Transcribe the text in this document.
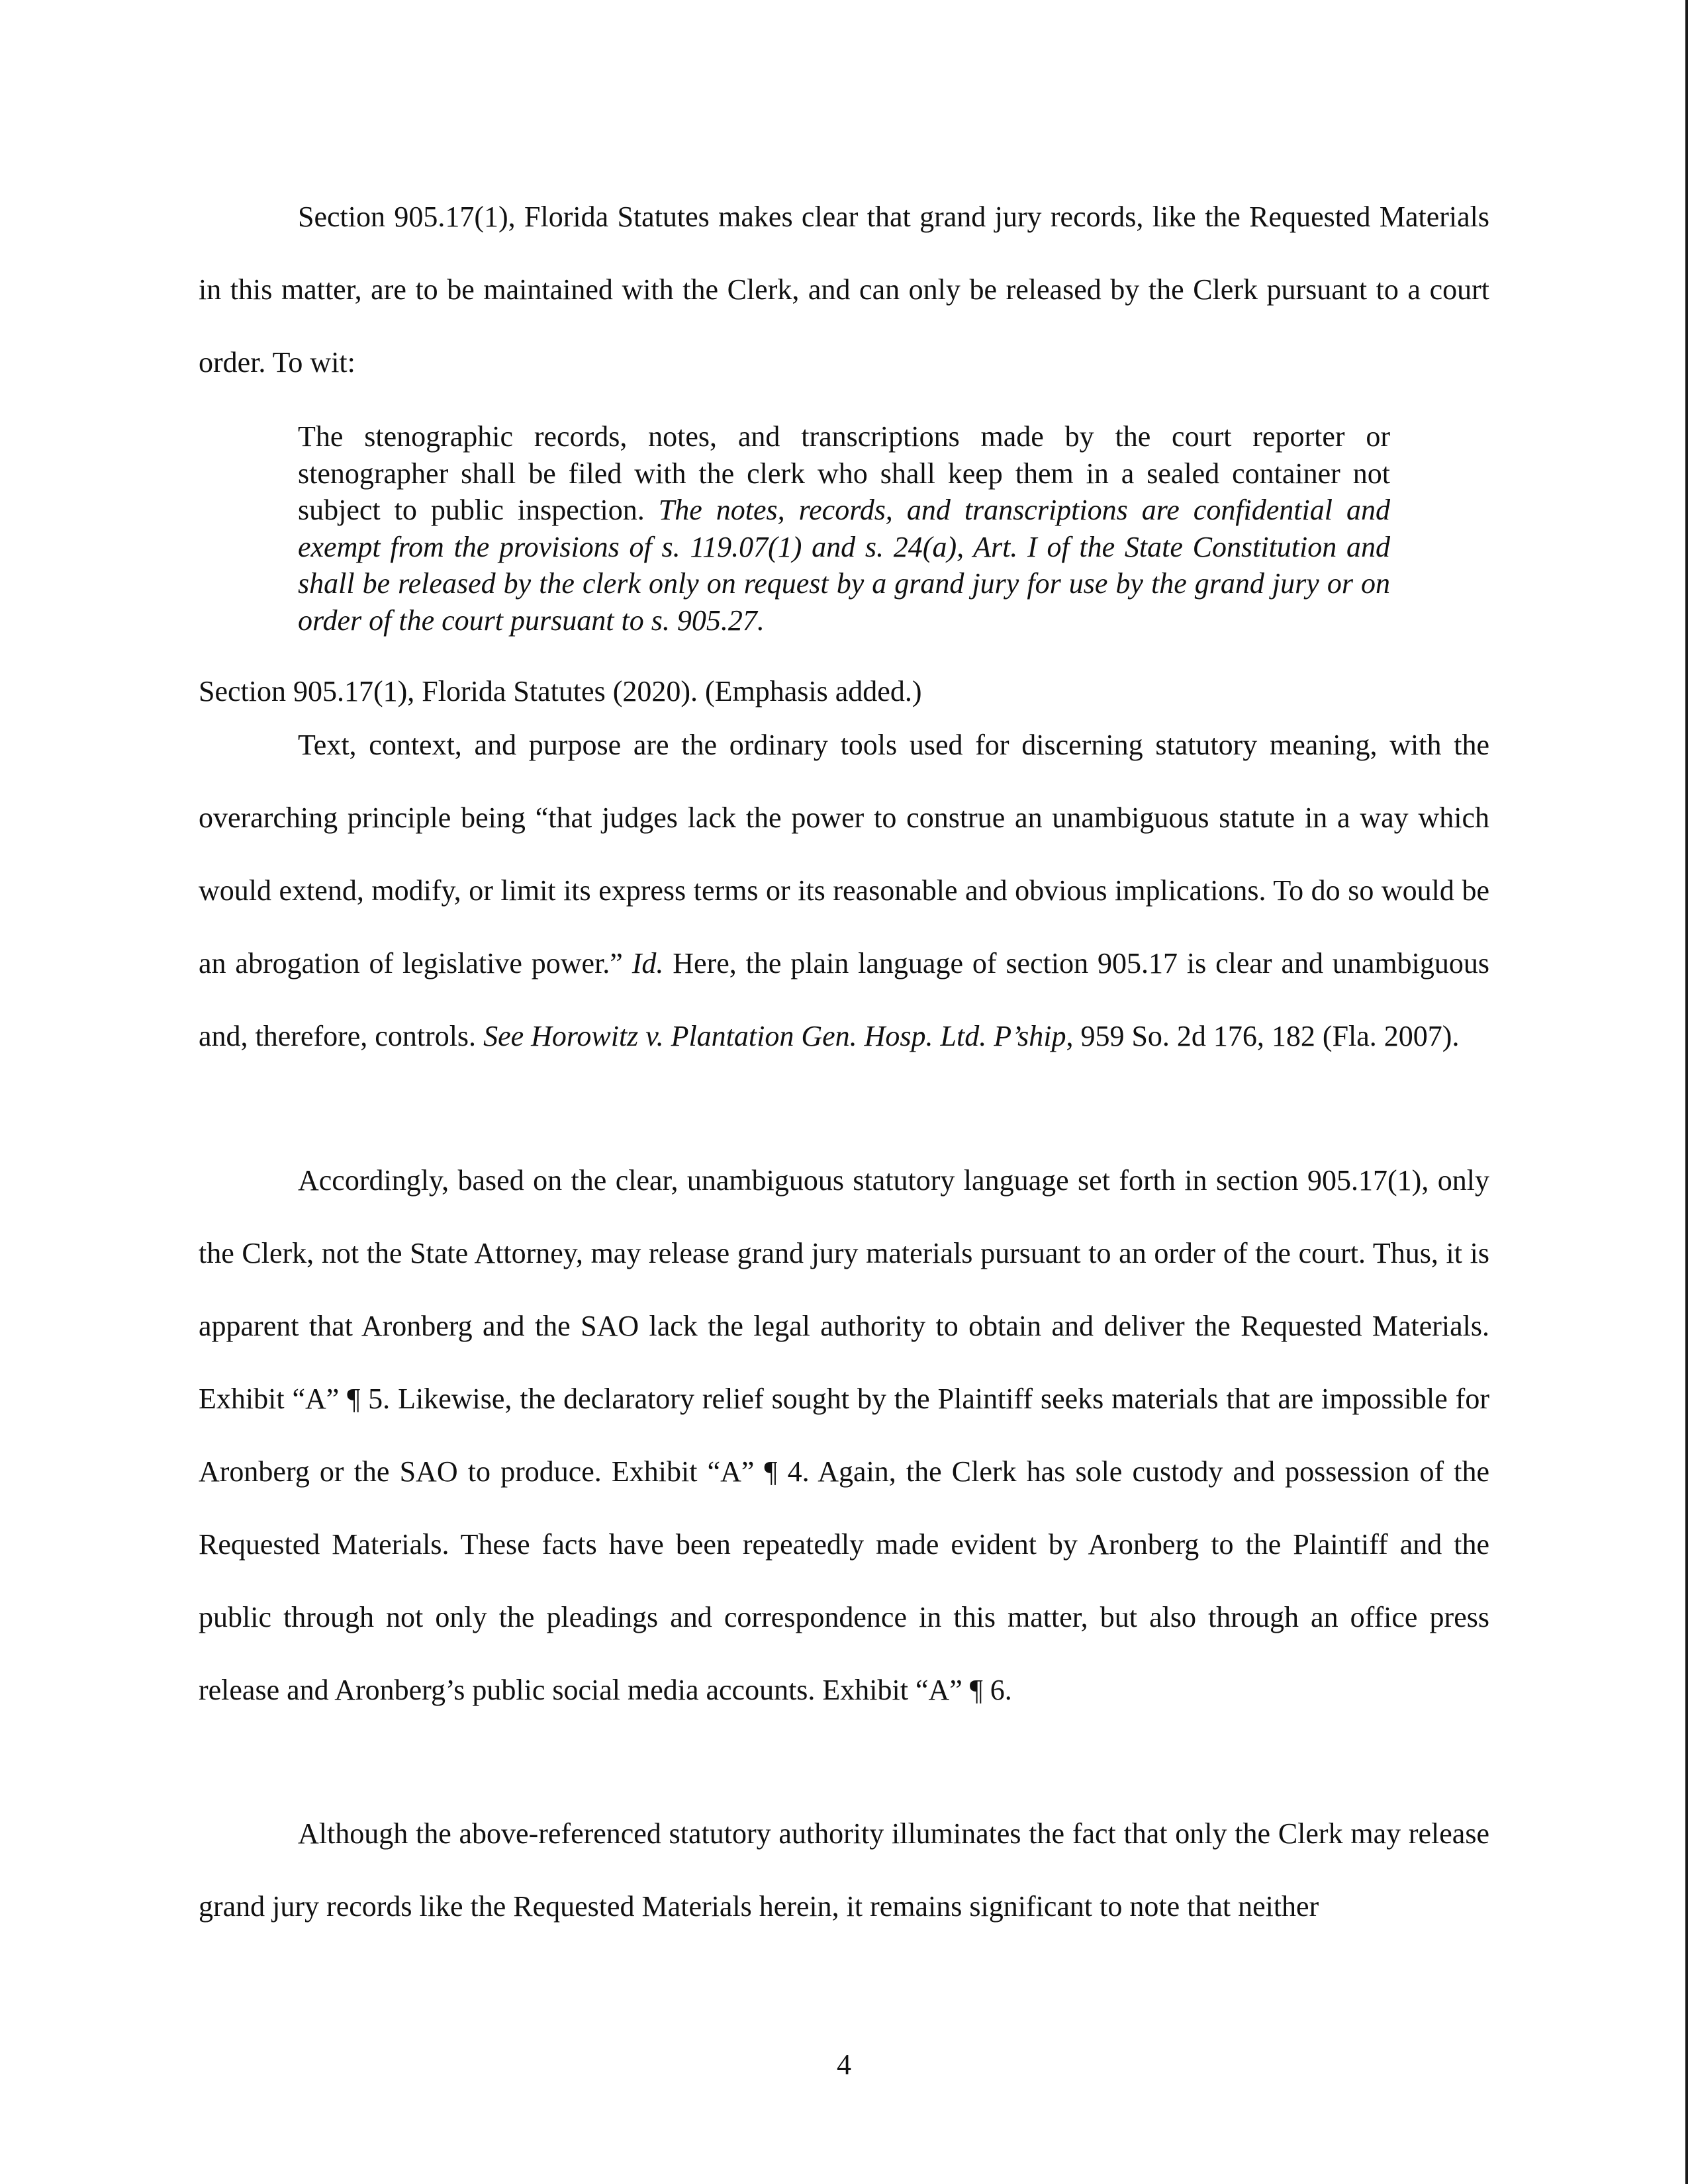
Section 905.17(1), Florida Statutes makes clear that grand jury records, like the Requested Materials in this matter, are to be maintained with the Clerk, and can only be released by the Clerk pursuant to a court order. To wit:

The stenographic records, notes, and transcriptions made by the court reporter or stenographer shall be filed with the clerk who shall keep them in a sealed container not subject to public inspection. The notes, records, and transcriptions are confidential and exempt from the provisions of s. 119.07(1) and s. 24(a), Art. I of the State Constitution and shall be released by the clerk only on request by a grand jury for use by the grand jury or on order of the court pursuant to s. 905.27.

Section 905.17(1), Florida Statutes (2020). (Emphasis added.)

Text, context, and purpose are the ordinary tools used for discerning statutory meaning, with the overarching principle being “that judges lack the power to construe an unambiguous statute in a way which would extend, modify, or limit its express terms or its reasonable and obvious implications. To do so would be an abrogation of legislative power.” Id. Here, the plain language of section 905.17 is clear and unambiguous and, therefore, controls. See Horowitz v. Plantation Gen. Hosp. Ltd. P’ship, 959 So. 2d 176, 182 (Fla. 2007).

Accordingly, based on the clear, unambiguous statutory language set forth in section 905.17(1), only the Clerk, not the State Attorney, may release grand jury materials pursuant to an order of the court. Thus, it is apparent that Aronberg and the SAO lack the legal authority to obtain and deliver the Requested Materials. Exhibit “A” ¶ 5. Likewise, the declaratory relief sought by the Plaintiff seeks materials that are impossible for Aronberg or the SAO to produce. Exhibit “A” ¶ 4. Again, the Clerk has sole custody and possession of the Requested Materials. These facts have been repeatedly made evident by Aronberg to the Plaintiff and the public through not only the pleadings and correspondence in this matter, but also through an office press release and Aronberg’s public social media accounts. Exhibit “A” ¶ 6.

Although the above-referenced statutory authority illuminates the fact that only the Clerk may release grand jury records like the Requested Materials herein, it remains significant to note that neither

4
